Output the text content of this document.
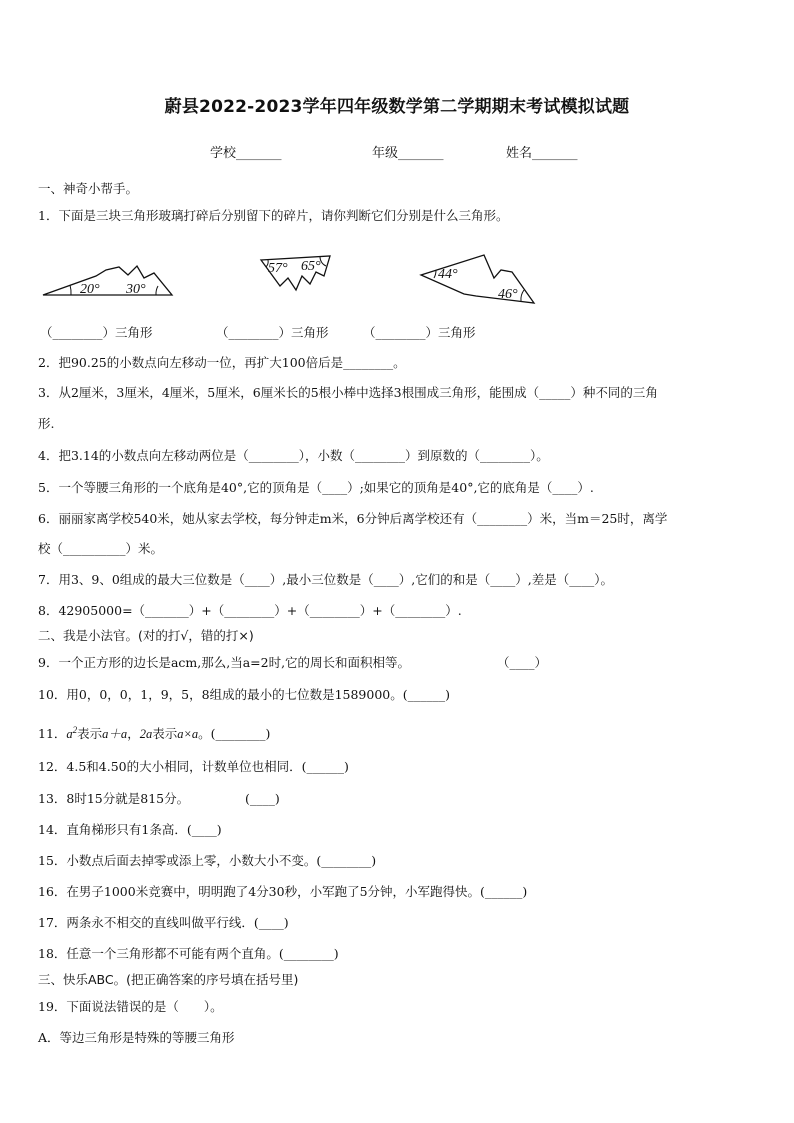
蔚县2022-2023学年四年级数学第二学期期末考试模拟试题
学校_______	年级_______	姓名_______
一、神奇小帮手。
1．下面是三块三角形玻璃打碎后分别留下的碎片，请你判断它们分别是什么三角形。
20° 30°
57° 65°
44°
46°
（________）三角形	（________）三角形	（________）三角形
2．把90.25的小数点向左移动一位，再扩大100倍后是________。
3．从2厘米，3厘米，4厘米，5厘米，6厘米长的5根小棒中选择3根围成三角形，能围成（_____）种不同的三角
形.
4．把3.14的小数点向左移动两位是（________），小数（________）到原数的（________）。
5．一个等腰三角形的一个底角是40°,它的顶角是（____）;如果它的顶角是40°,它的底角是（____）.
6．丽丽家离学校540米，她从家去学校，每分钟走m米，6分钟后离学校还有（________）米，当m＝25时，离学
校（__________）米。
7．用3、9、0组成的最大三位数是（____）,最小三位数是（____）,它们的和是（____）,差是（____）。
8．42905000=（_______）+（________）+（________）+（________）.
二、我是小法官。(对的打√，错的打×)
9．一个正方形的边长是acm,那么,当a=2时,它的周长和面积相等。	（____）
10．用0，0，0，1，9，5，8组成的最小的七位数是1589000。(______)
11．$a^2$表示a＋a，2a表示a×a。(________)
12．4.5和4.50的大小相同，计数单位也相同．(______)
13．8时15分就是815分。	(____)
14．直角梯形只有1条高．(____)
15．小数点后面去掉零或添上零，小数大小不变。(________)
16．在男子1000米竞赛中，明明跑了4分30秒，小军跑了5分钟，小军跑得快。(______)
17．两条永不相交的直线叫做平行线．(____)
18．任意一个三角形都不可能有两个直角。(________)
三、快乐ABC。(把正确答案的序号填在括号里)
19．下面说法错误的是（　　）。
A．等边三角形是特殊的等腰三角形
